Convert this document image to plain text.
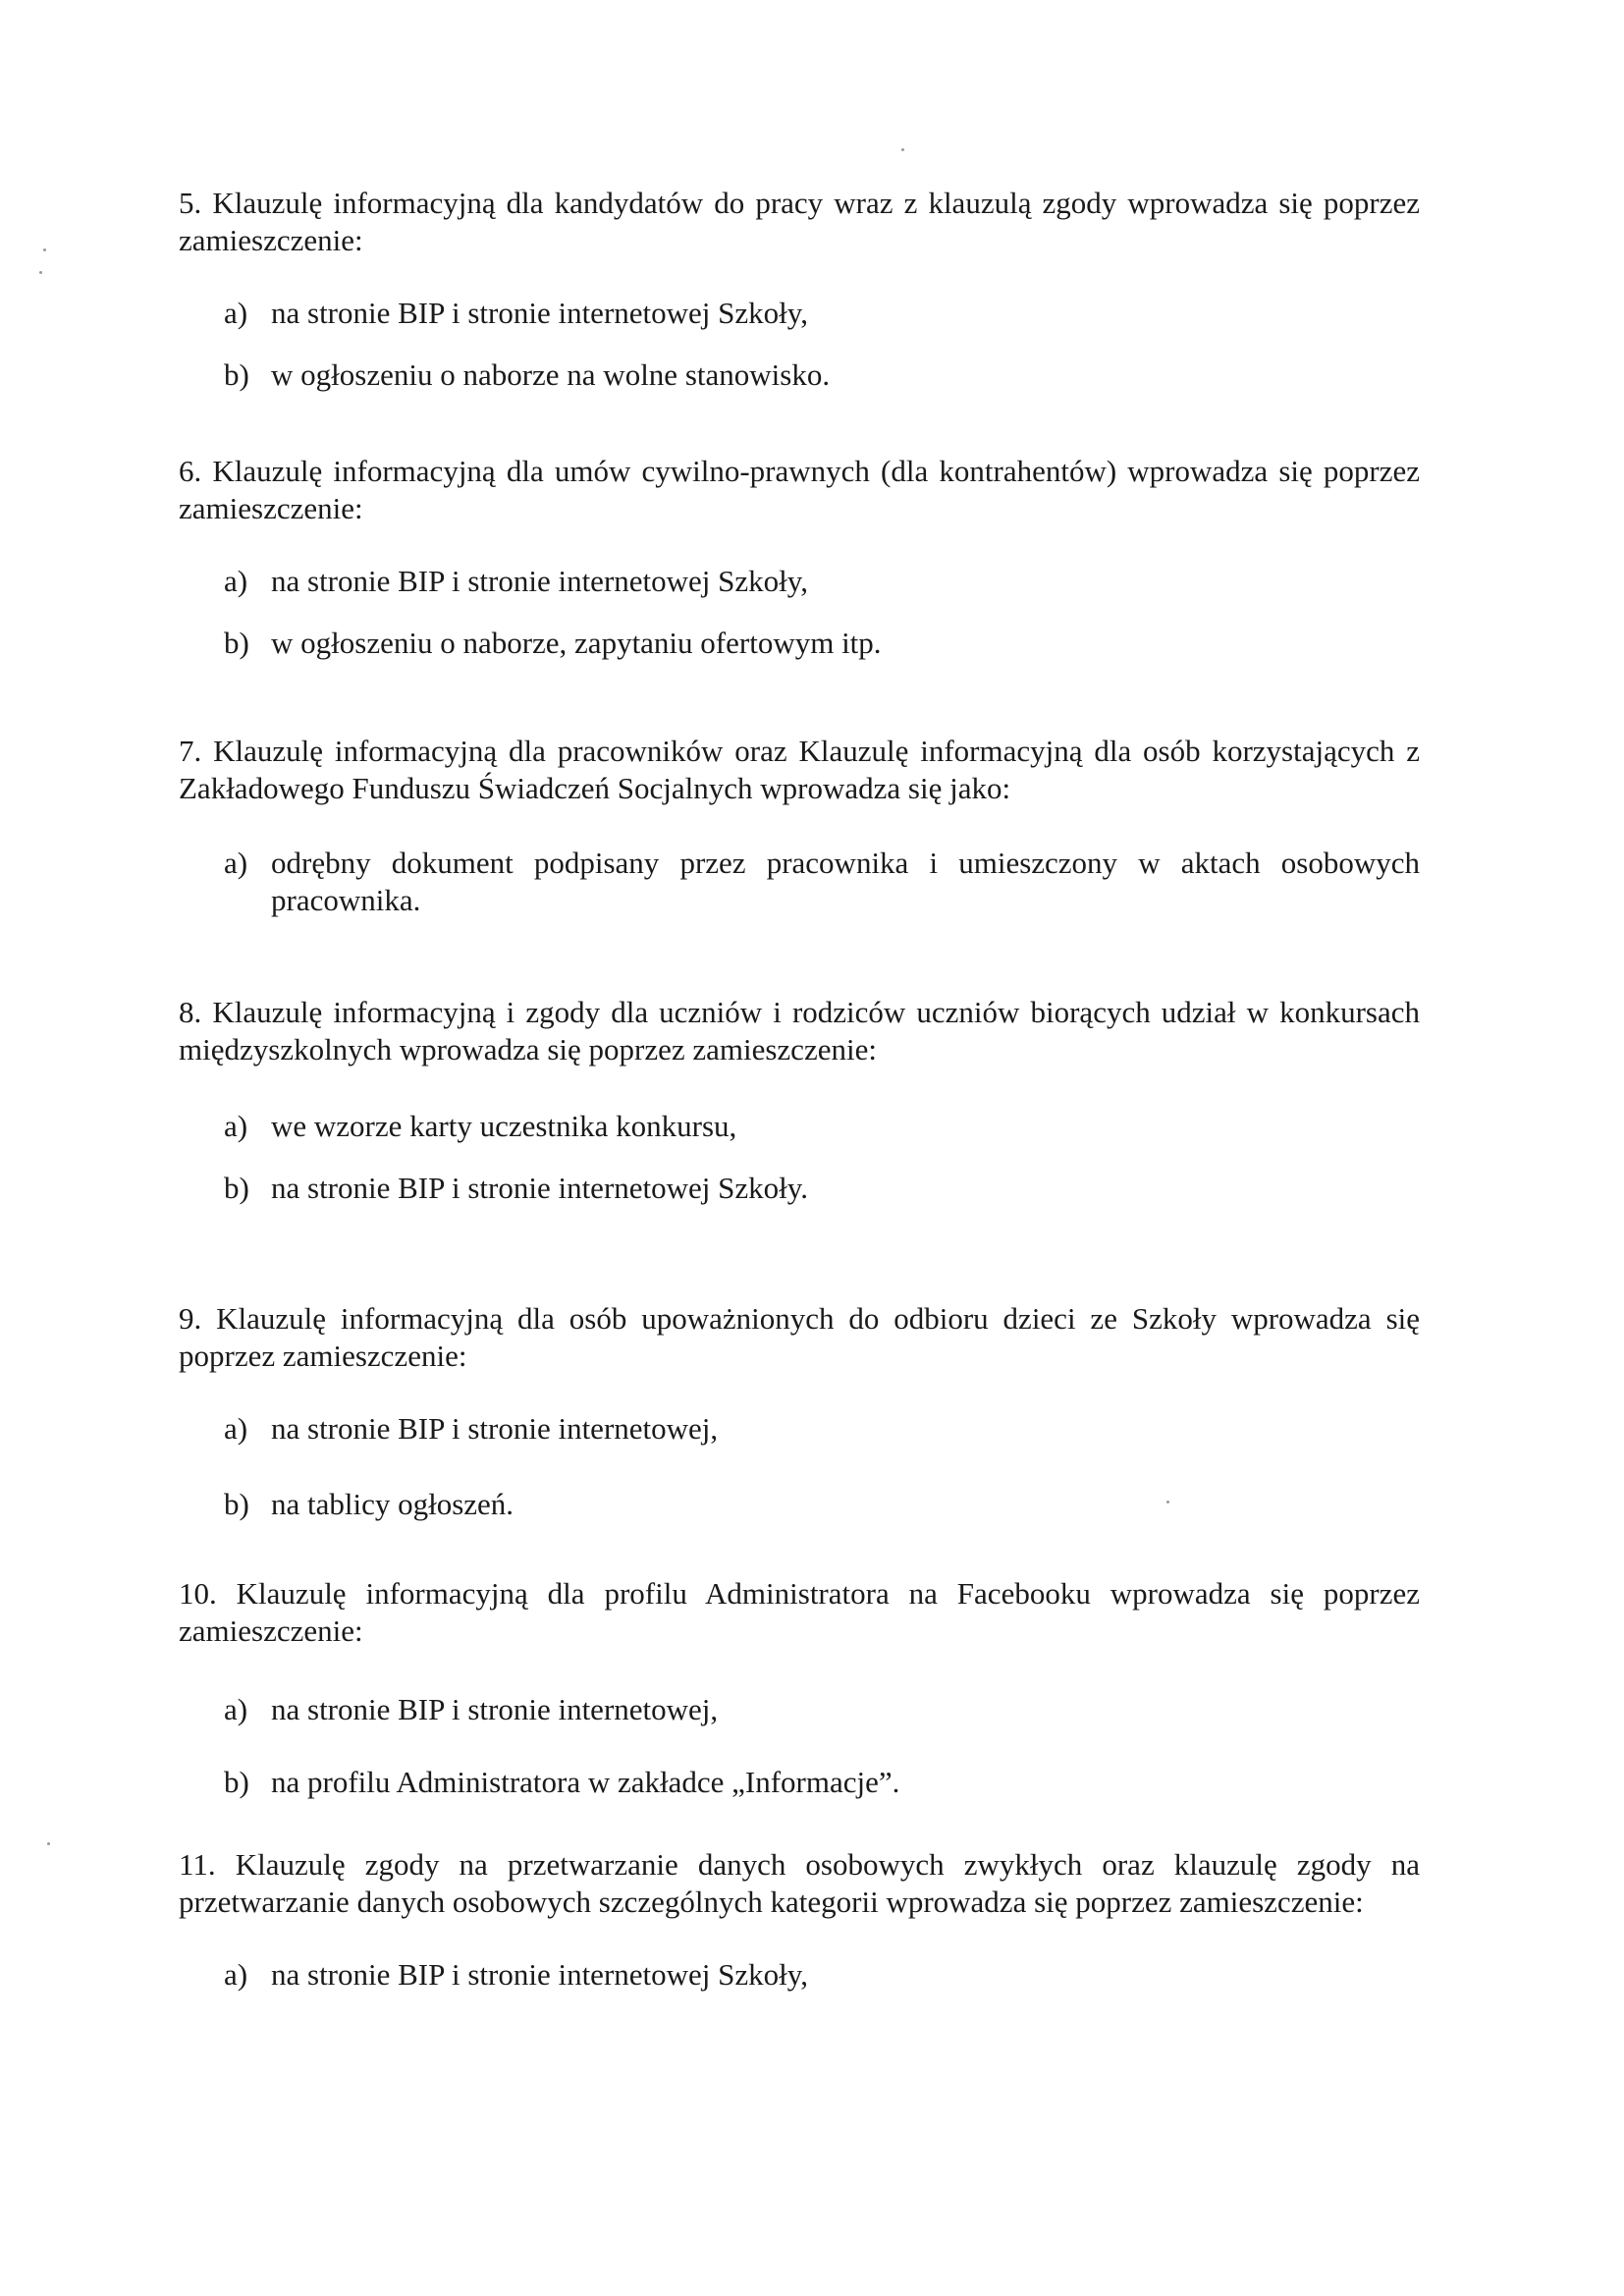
5. Klauzulę informacyjną dla kandydatów do pracy wraz z klauzulą zgody wprowadza się poprzez zamieszczenie:

a) na stronie BIP i stronie internetowej Szkoły,
b) w ogłoszeniu o naborze na wolne stanowisko.

6. Klauzulę informacyjną dla umów cywilno-prawnych (dla kontrahentów) wprowadza się poprzez zamieszczenie:

a) na stronie BIP i stronie internetowej Szkoły,
b) w ogłoszeniu o naborze, zapytaniu ofertowym itp.

7. Klauzulę informacyjną dla pracowników oraz Klauzulę informacyjną dla osób korzystających z Zakładowego Funduszu Świadczeń Socjalnych wprowadza się jako:

a) odrębny dokument podpisany przez pracownika i umieszczony w aktach osobowych pracownika.

8. Klauzulę informacyjną i zgody dla uczniów i rodziców uczniów biorących udział w konkursach międzyszkolnych wprowadza się poprzez zamieszczenie:

a) we wzorze karty uczestnika konkursu,
b) na stronie BIP i stronie internetowej Szkoły.

9. Klauzulę informacyjną dla osób upoważnionych do odbioru dzieci ze Szkoły wprowadza się poprzez zamieszczenie:

a) na stronie BIP i stronie internetowej,
b) na tablicy ogłoszeń.

10. Klauzulę informacyjną dla profilu Administratora na Facebooku wprowadza się poprzez zamieszczenie:

a) na stronie BIP i stronie internetowej,
b) na profilu Administratora w zakładce „Informacje”.

11. Klauzulę zgody na przetwarzanie danych osobowych zwykłych oraz klauzulę zgody na przetwarzanie danych osobowych szczególnych kategorii wprowadza się poprzez zamieszczenie:

a) na stronie BIP i stronie internetowej Szkoły,
